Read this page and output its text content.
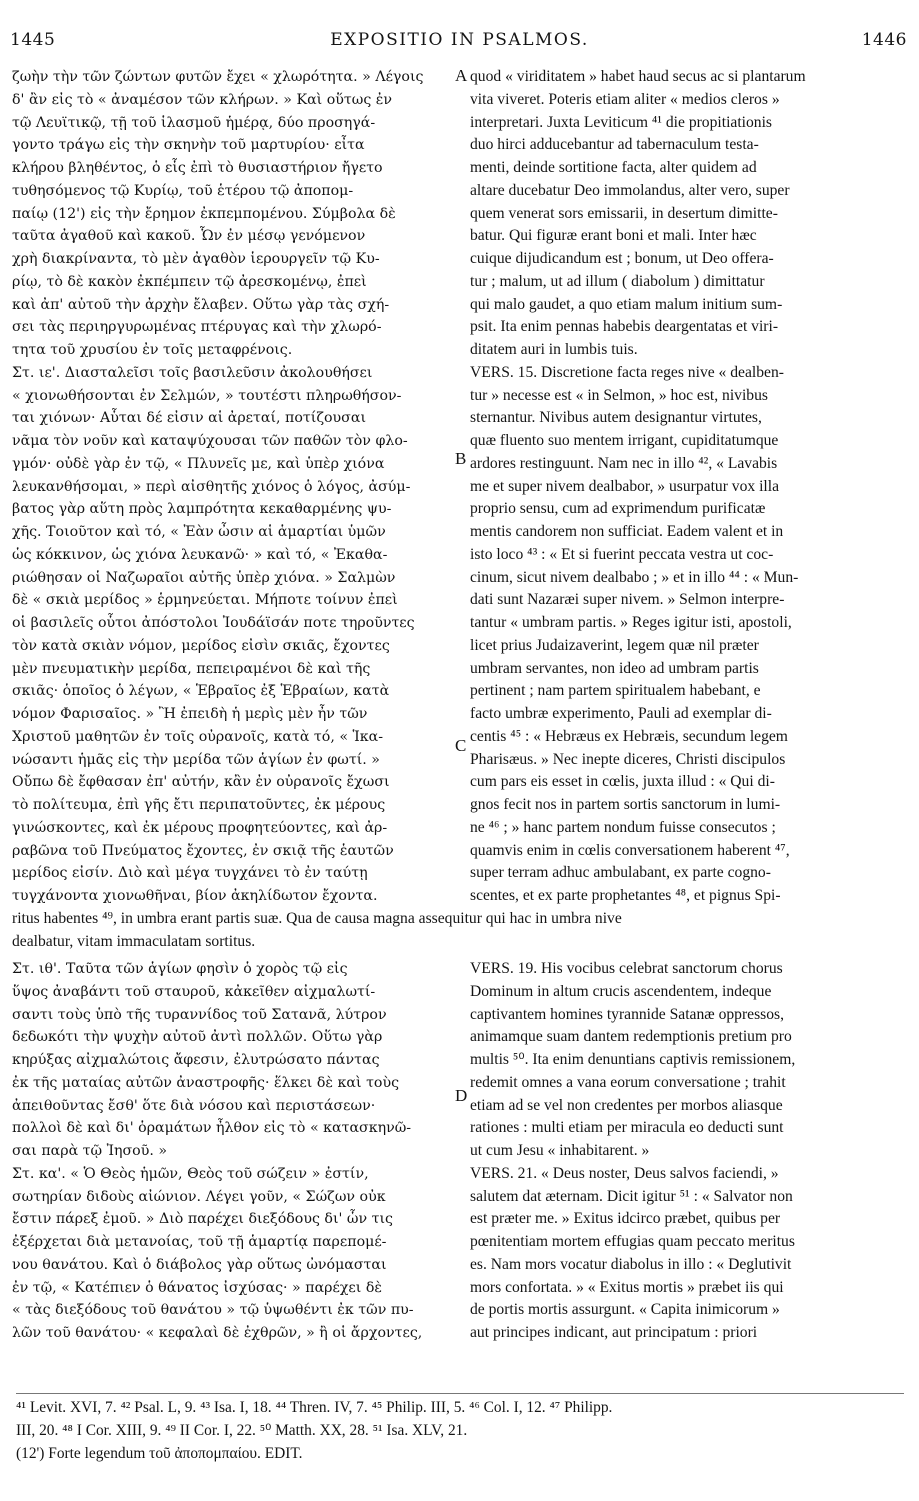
EXPOSITIO IN PSALMOS.
1445	1446
A
B
C
D
ζωὴν τὴν τῶν ζώντων φυτῶν ἔχει « χλωρότητα. » Λέγοις
δ' ἂν εἰς τὸ « ἀναμέσον τῶν κλήρων. » Καὶ οὕτως ἐν
τῷ Λευϊτικῷ, τῇ τοῦ ἱλασμοῦ ἡμέρᾳ, δύο προσηγά-
γοντο τράγω εἰς τὴν σκηνὴν τοῦ μαρτυρίου· εἶτα
κλήρου βληθέντος, ὁ εἷς ἐπὶ τὸ θυσιαστήριον ἤγετο
τυθησόμενος τῷ Κυρίῳ, τοῦ ἑτέρου τῷ ἀποπομ-
παίῳ (12') εἰς τὴν ἔρημον ἐκπεμπομένου. Σύμβολα δὲ
ταῦτα ἀγαθοῦ καὶ κακοῦ. Ὧν ἐν μέσῳ γενόμενον
χρὴ διακρίναντα, τὸ μὲν ἀγαθὸν ἱερουργεῖν τῷ Κυ-
ρίῳ, τὸ δὲ κακὸν ἐκπέμπειν τῷ ἀρεσκομένῳ, ἐπεὶ
καὶ ἀπ' αὐτοῦ τὴν ἀρχὴν ἔλαβεν. Οὕτω γὰρ τὰς σχή-
σει τὰς περιηργυρωμένας πτέρυγας καὶ τὴν χλωρό-
τητα τοῦ χρυσίου ἐν τοῖς μεταφρένοις.
Στ. ιε'. Διασταλεῖσι τοῖς βασιλεῦσιν ἀκολουθήσει
« χιονωθήσονται ἐν Σελμών, » τουτέστι πληρωθήσον-
ται χιόνων· Αὗται δέ εἰσιν αἱ ἀρεταί, ποτίζουσαι
νᾶμα τὸν νοῦν καὶ καταψύχουσαι τῶν παθῶν τὸν φλο-
γμόν· οὐδὲ γὰρ ἐν τῷ, « Πλυνεῖς με, καὶ ὑπὲρ χιόνα
λευκανθήσομαι, » περὶ αἰσθητῆς χιόνος ὁ λόγος, ἀσύμ-
βατος γὰρ αὕτη πρὸς λαμπρότητα κεκαθαρμένης ψυ-
χῆς. Τοιοῦτον καὶ τό, « Ἐὰν ὦσιν αἱ ἁμαρτίαι ὑμῶν
ὡς κόκκινον, ὡς χιόνα λευκανῶ· » καὶ τό, « Ἐκαθα-
ριώθησαν οἱ Ναζωραῖοι αὐτῆς ὑπὲρ χιόνα. » Σαλμὼν
δὲ « σκιὰ μερίδος » ἑρμηνεύεται. Μήποτε τοίνυν ἐπεὶ
οἱ βασιλεῖς οὗτοι ἀπόστολοι Ἰουδάϊσάν ποτε τηροῦντες
τὸν κατὰ σκιὰν νόμον, μερίδος εἰσὶν σκιᾶς, ἔχοντες
μὲν πνευματικὴν μερίδα, πεπειραμένοι δὲ καὶ τῆς
σκιᾶς· ὁποῖος ὁ λέγων, « Ἑβραῖος ἐξ Ἑβραίων, κατὰ
νόμον Φαρισαῖος. » Ἢ ἐπειδὴ ἡ μερὶς μὲν ἦν τῶν
Χριστοῦ μαθητῶν ἐν τοῖς οὐρανοῖς, κατὰ τό, « Ἱκα-
νώσαντι ἡμᾶς εἰς τὴν μερίδα τῶν ἁγίων ἐν φωτί. »
Οὔπω δὲ ἔφθασαν ἐπ' αὐτήν, κἂν ἐν οὐρανοῖς ἔχωσι
τὸ πολίτευμα, ἐπὶ γῆς ἔτι περιπατοῦντες, ἐκ μέρους
γινώσκοντες, καὶ ἐκ μέρους προφητεύοντες, καὶ ἀρ-
ραβῶνα τοῦ Πνεύματος ἔχοντες, ἐν σκιᾷ τῆς ἑαυτῶν
μερίδος εἰσίν. Διὸ καὶ μέγα τυγχάνει τὸ ἐν ταύτῃ
τυγχάνοντα χιονωθῆναι, βίον ἀκηλίδωτον ἔχοντα.
quod « viriditatem » habet haud secus ac si plantarum
vita viveret. Poteris etiam aliter « medios cleros »
interpretari. Juxta Leviticum ⁴¹ die propitiationis
duo hirci adducebantur ad tabernaculum testa-
menti, deinde sortitione facta, alter quidem ad
altare ducebatur Deo immolandus, alter vero, super
quem venerat sors emissarii, in desertum dimitte-
batur. Qui figuræ erant boni et mali. Inter hæc
cuique dijudicandum est ; bonum, ut Deo offera-
tur ; malum, ut ad illum ( diabolum ) dimittatur
qui malo gaudet, a quo etiam malum initium sum-
psit. Ita enim pennas habebis deargentatas et viri-
ditatem auri in lumbis tuis.
VERS. 15. Discretione facta reges nive « dealben-
tur » necesse est « in Selmon, » hoc est, nivibus
sternantur. Nivibus autem designantur virtutes,
quæ fluento suo mentem irrigant, cupiditatumque
ardores restinguunt. Nam nec in illo ⁴², « Lavabis
me et super nivem dealbabor, » usurpatur vox illa
proprio sensu, cum ad exprimendum purificatæ
mentis candorem non sufficiat. Eadem valent et in
isto loco ⁴³ : « Et si fuerint peccata vestra ut coc-
cinum, sicut nivem dealbabo ; » et in illo ⁴⁴ : « Mun-
dati sunt Nazaræi super nivem. » Selmon interpre-
tantur « umbram partis. » Reges igitur isti, apostoli,
licet prius Judaizaverint, legem quæ nil præter
umbram servantes, non ideo ad umbram partis
pertinent ; nam partem spiritualem habebant, e
facto umbræ experimento, Pauli ad exemplar di-
centis ⁴⁵ : « Hebræus ex Hebræis, secundum legem
Pharisæus. » Nec inepte diceres, Christi discipulos
cum pars eis esset in cœlis, juxta illud : « Qui di-
gnos fecit nos in partem sortis sanctorum in lumi-
ne ⁴⁶ ; » hanc partem nondum fuisse consecutos ;
quamvis enim in cœlis conversationem haberent ⁴⁷,
super terram adhuc ambulabant, ex parte cogno-
scentes, et ex parte prophetantes ⁴⁸, et pignus Spi-
ritus habentes ⁴⁹, in umbra erant partis suæ. Qua de causa magna assequitur qui hac in umbra nive
dealbatur, vitam immaculatam sortitus.
Στ. ιθ'. Ταῦτα τῶν ἁγίων φησὶν ὁ χορὸς τῷ εἰς
ὕψος ἀναβάντι τοῦ σταυροῦ, κἀκεῖθεν αἰχμαλωτί-
σαντι τοὺς ὑπὸ τῆς τυραννίδος τοῦ Σατανᾶ, λύτρον
δεδωκότι τὴν ψυχὴν αὐτοῦ ἀντὶ πολλῶν. Οὕτω γὰρ
κηρύξας αἰχμαλώτοις ἄφεσιν, ἐλυτρώσατο πάντας
ἐκ τῆς ματαίας αὐτῶν ἀναστροφῆς· ἕλκει δὲ καὶ τοὺς
ἀπειθοῦντας ἔσθ' ὅτε διὰ νόσου καὶ περιστάσεων·
πολλοὶ δὲ καὶ δι' ὁραμάτων ἦλθον εἰς τὸ « κατασκηνῶ-
σαι παρὰ τῷ Ἰησοῦ. »
Στ. κα'. « Ὁ Θεὸς ἡμῶν, Θεὸς τοῦ σώζειν » ἐστίν,
σωτηρίαν διδοὺς αἰώνιον. Λέγει γοῦν, « Σώζων οὐκ
ἔστιν πάρεξ ἐμοῦ. » Διὸ παρέχει διεξόδους δι' ὧν τις
ἐξέρχεται διὰ μετανοίας, τοῦ τῇ ἁμαρτίᾳ παρεπομέ-
νου θανάτου. Καὶ ὁ διάβολος γὰρ οὕτως ὠνόμασται
ἐν τῷ, « Κατέπιεν ὁ θάνατος ἰσχύσας· » παρέχει δὲ
« τὰς διεξόδους τοῦ θανάτου » τῷ ὑψωθέντι ἐκ τῶν πυ-
λῶν τοῦ θανάτου· « κεφαλαὶ δὲ ἐχθρῶν, » ἢ οἱ ἄρχοντες,
VERS. 19. His vocibus celebrat sanctorum chorus
Dominum in altum crucis ascendentem, indeque
captivantem homines tyrannide Satanæ oppressos,
animamque suam dantem redemptionis pretium pro
multis ⁵⁰. Ita enim denuntians captivis remissionem,
redemit omnes a vana eorum conversatione ; trahit
etiam ad se vel non credentes per morbos aliasque
rationes : multi etiam per miracula eo deducti sunt
ut cum Jesu « inhabitarent. »
VERS. 21. « Deus noster, Deus salvos faciendi, »
salutem dat æternam. Dicit igitur ⁵¹ : « Salvator non
est præter me. » Exitus idcirco præbet, quibus per
pœnitentiam mortem effugias quam peccato meritus
es. Nam mors vocatur diabolus in illo : « Deglutivit
mors confortata. » « Exitus mortis » præbet iis qui
de portis mortis assurgunt. « Capita inimicorum »
aut principes indicant, aut principatum : priori
⁴¹ Levit. XVI, 7. ⁴² Psal. L, 9. ⁴³ Isa. I, 18. ⁴⁴ Thren. IV, 7. ⁴⁵ Philip. III, 5. ⁴⁶ Col. I, 12. ⁴⁷ Philipp.
III, 20. ⁴⁸ I Cor. XIII, 9. ⁴⁹ II Cor. I, 22. ⁵⁰ Matth. XX, 28. ⁵¹ Isa. XLV, 21.
(12') Forte legendum τοῦ ἀποπομπαίου. EDIT.
